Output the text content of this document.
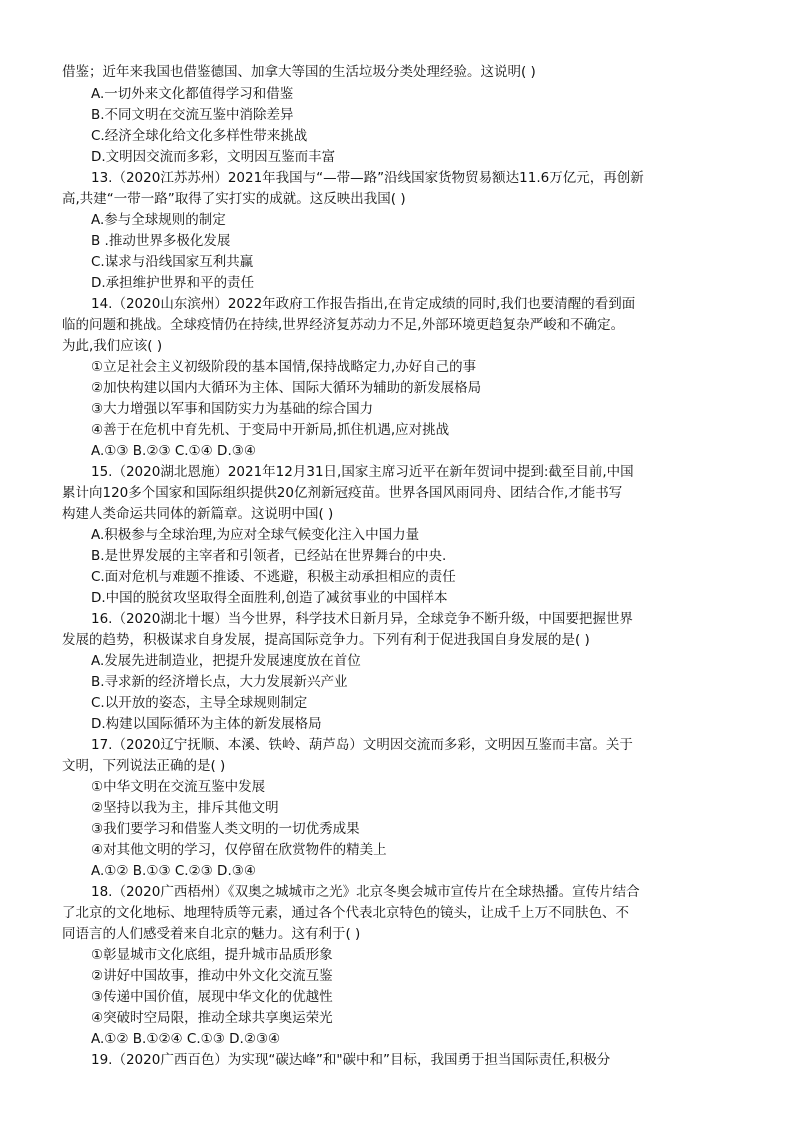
借鉴；近年来我国也借鉴德国、加拿大等国的生活垃圾分类处理经验。这说明( )
A.一切外来文化都值得学习和借鉴
B.不同文明在交流互鉴中消除差异
C.经济全球化给文化多样性带来挑战
D.文明因交流而多彩，文明因互鉴而丰富
13.（2020江苏苏州）2021年我国与“—带—路”沿线国家货物贸易额达11.6万亿元，再创新
高,共建“一带一路”取得了实打实的成就。这反映出我国( )
A.参与全球规则的制定
B .推动世界多极化发展
C.谋求与沿线国家互利共赢
D.承担维护世界和平的责任
14.（2020山东滨州）2022年政府工作报告指出,在肯定成绩的同时,我们也要清醒的看到面
临的问题和挑战。全球疫情仍在持续,世界经济复苏动力不足,外部环境更趋复杂严峻和不确定。
为此,我们应该( )
①立足社会主义初级阶段的基本国情,保持战略定力,办好自己的事
②加快构建以国内大循环为主体、国际大循环为辅助的新发展格局
③大力增强以军事和国防实力为基础的综合国力
④善于在危机中育先机、于变局中开新局,抓住机遇,应对挑战
A.①③ B.②③ C.①④ D.③④
15.（2020湖北恩施）2021年12月31日,国家主席习近平在新年贺词中提到:截至目前,中国
累计向120多个国家和国际组织提供20亿剂新冠疫苗。世界各国风雨同舟、团结合作,才能书写
构建人类命运共同体的新篇章。这说明中国( )
A.积极参与全球治理,为应对全球气候变化注入中国力量
B.是世界发展的主宰者和引领者，已经站在世界舞台的中央.
C.面对危机与难题不推诿、不逃避，积极主动承担相应的责任
D.中国的脱贫攻坚取得全面胜利,创造了减贫事业的中国样本
16.（2020湖北十堰）当今世界，科学技术日新月异，全球竞争不断升级，中国要把握世界
发展的趋势，积极谋求自身发展，提高国际竞争力。下列有利于促进我国自身发展的是( )
A.发展先进制造业，把提升发展速度放在首位
B.寻求新的经济增长点，大力发展新兴产业
C.以开放的姿态，主导全球规则制定
D.构建以国际循环为主体的新发展格局
17.（2020辽宁抚顺、本溪、铁岭、葫芦岛）文明因交流而多彩，文明因互鉴而丰富。关于
文明，下列说法正确的是( )
①中华文明在交流互鉴中发展
②坚持以我为主，排斥其他文明
③我们要学习和借鉴人类文明的一切优秀成果
④对其他文明的学习，仅停留在欣赏物件的精美上
A.①② B.①③ C.②③ D.③④
18.（2020广西梧州）《双奥之城城市之光》北京冬奥会城市宣传片在全球热播。宣传片结合
了北京的文化地标、地理特质等元素，通过各个代表北京特色的镜头，让成千上万不同肤色、不
同语言的人们感受着来自北京的魅力。这有利于( )
①彰显城市文化底组，提升城市品质形象
②讲好中国故事，推动中外文化交流互鉴
③传递中国价值，展现中华文化的优越性
④突破时空局限，推动全球共享奥运荣光
A.①② B.①②④ C.①③ D.②③④
19.（2020广西百色）为实现“碳达峰”和"碳中和”目标，我国勇于担当国际责任,积极分
